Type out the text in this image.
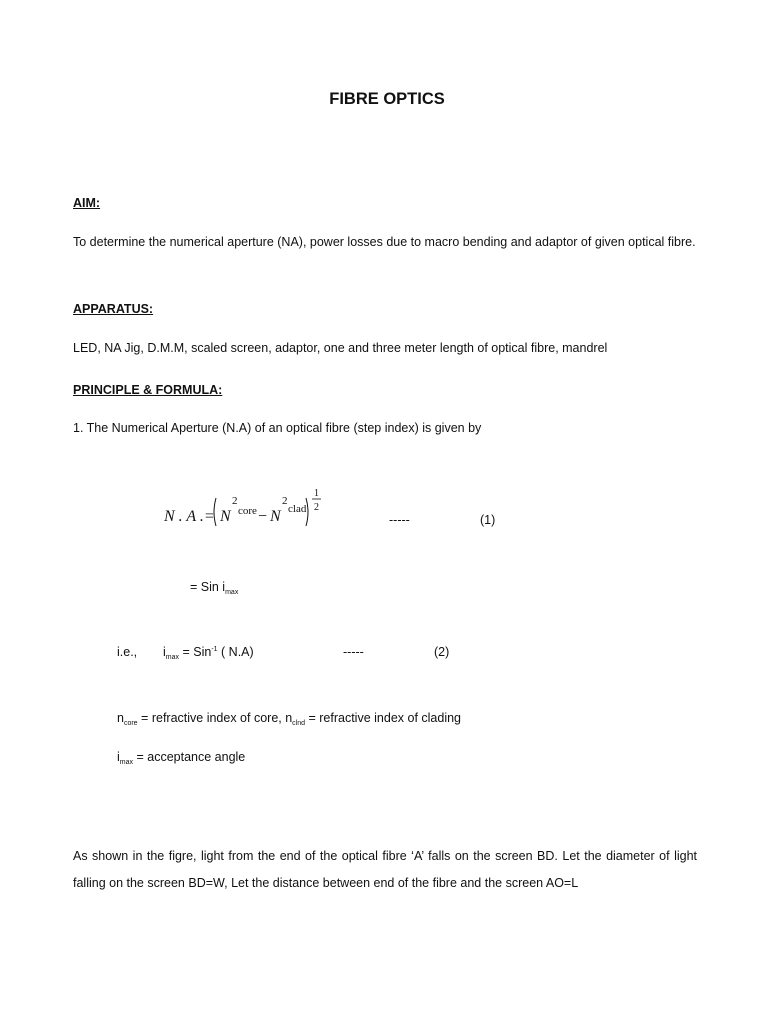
FIBRE OPTICS
AIM:
To determine the numerical aperture (NA), power losses due to macro bending and adaptor of given optical fibre.
APPARATUS:
LED, NA Jig, D.M.M, scaled screen, adaptor, one and three meter length of optical fibre, mandrel
PRINCIPLE & FORMULA:
1. The Numerical Aperture (N.A) of an optical fibre (step index) is given by
N . A .= N
2
core − N
2
clad
1
2
-----	(1)
= Sin $i_{max}$
i.e., $i_{max} = Sin^{-1}$ ( N.A)	-----	(2)
$n_{core}$ = refractive index of core, $n_{clnd}$ = refractive index of clading
$i_{max}$ = acceptance angle
As shown in the figre, light from the end of the optical fibre ‘A’ falls on the screen BD. Let the diameter of light falling on the screen BD=W, Let the distance between end of the fibre and the screen AO=L
